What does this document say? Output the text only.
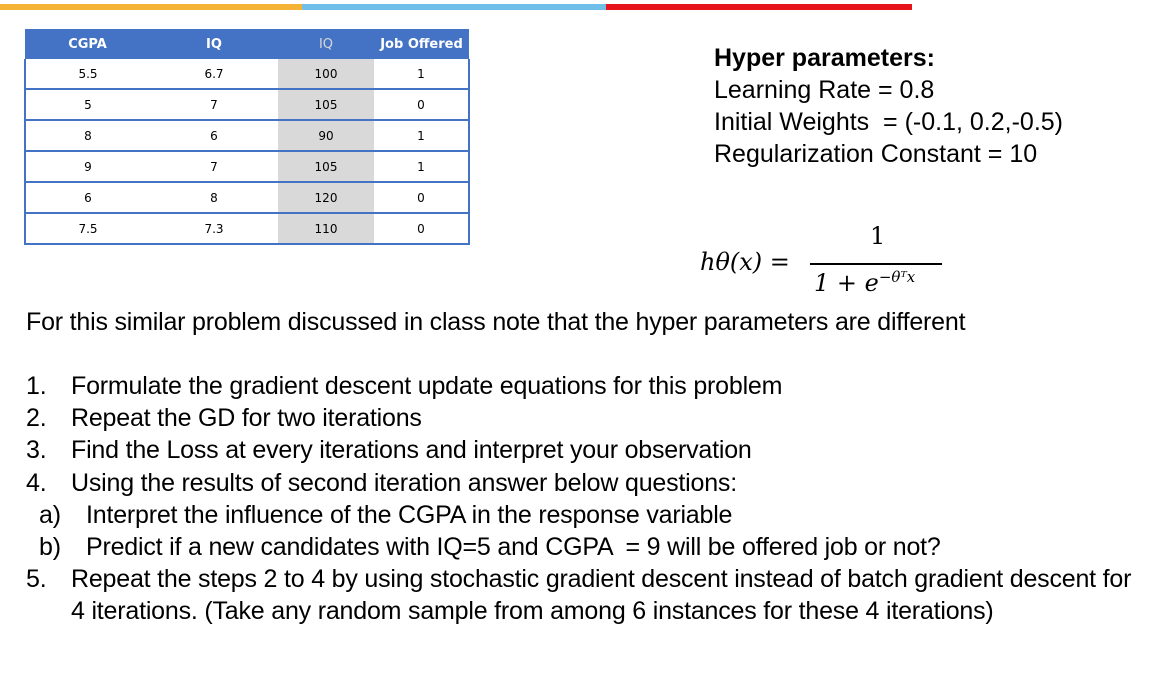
CGPA	IQ	IQ	Job Offered
5.5	6.7	100	1
5	7	105	0
8	6	90	1
9	7	105	1
6	8	120	0
7.5	7.3	110	0
Hyper parameters:
Learning Rate = 0.8
Initial Weights  = (-0.1, 0.2,-0.5)
Regularization Constant = 10
hθ(x) =
1
$1 + e^{-\theta ᵀx}$
For this similar problem discussed in class note that the hyper parameters are different
1. Formulate the gradient descent update equations for this problem
2. Repeat the GD for two iterations
3. Find the Loss at every iterations and interpret your observation
4. Using the results of second iteration answer below questions:
a) Interpret the influence of the CGPA in the response variable
b) Predict if a new candidates with IQ=5 and CGPA  = 9 will be offered job or not?
5. Repeat the steps 2 to 4 by using stochastic gradient descent instead of batch gradient descent for 4 iterations. (Take any random sample from among 6 instances for these 4 iterations)
